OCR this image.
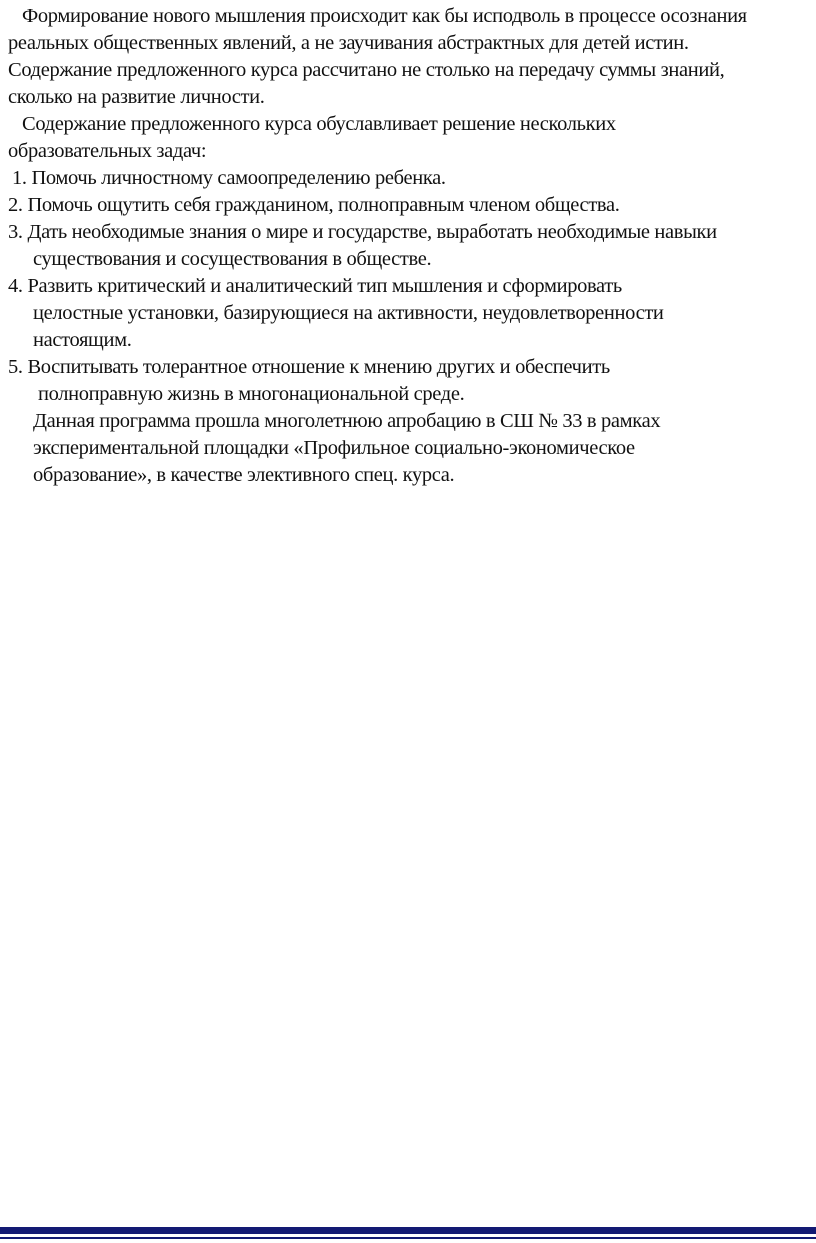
Формирование нового мышления происходит как бы исподволь в процессе осознания
реальных общественных явлений, а не заучивания абстрактных для детей истин.
Содержание предложенного курса рассчитано не столько на передачу суммы знаний,
сколько на развитие личности.
Содержание предложенного курса обуславливает решение нескольких
образовательных задач:
1. Помочь личностному самоопределению ребенка.
2. Помочь ощутить себя гражданином, полноправным членом общества.
3. Дать необходимые знания о мире и государстве, выработать необходимые навыки
существования и сосуществования в обществе.
4. Развить критический и аналитический тип мышления и сформировать
целостные установки, базирующиеся на активности, неудовлетворенности
настоящим.
5. Воспитывать толерантное отношение к мнению других и обеспечить
полноправную жизнь в многонациональной среде.
Данная программа прошла многолетнюю апробацию в СШ № 33 в рамках
экспериментальной площадки «Профильное социально-экономическое
образование», в качестве элективного спец. курса.
